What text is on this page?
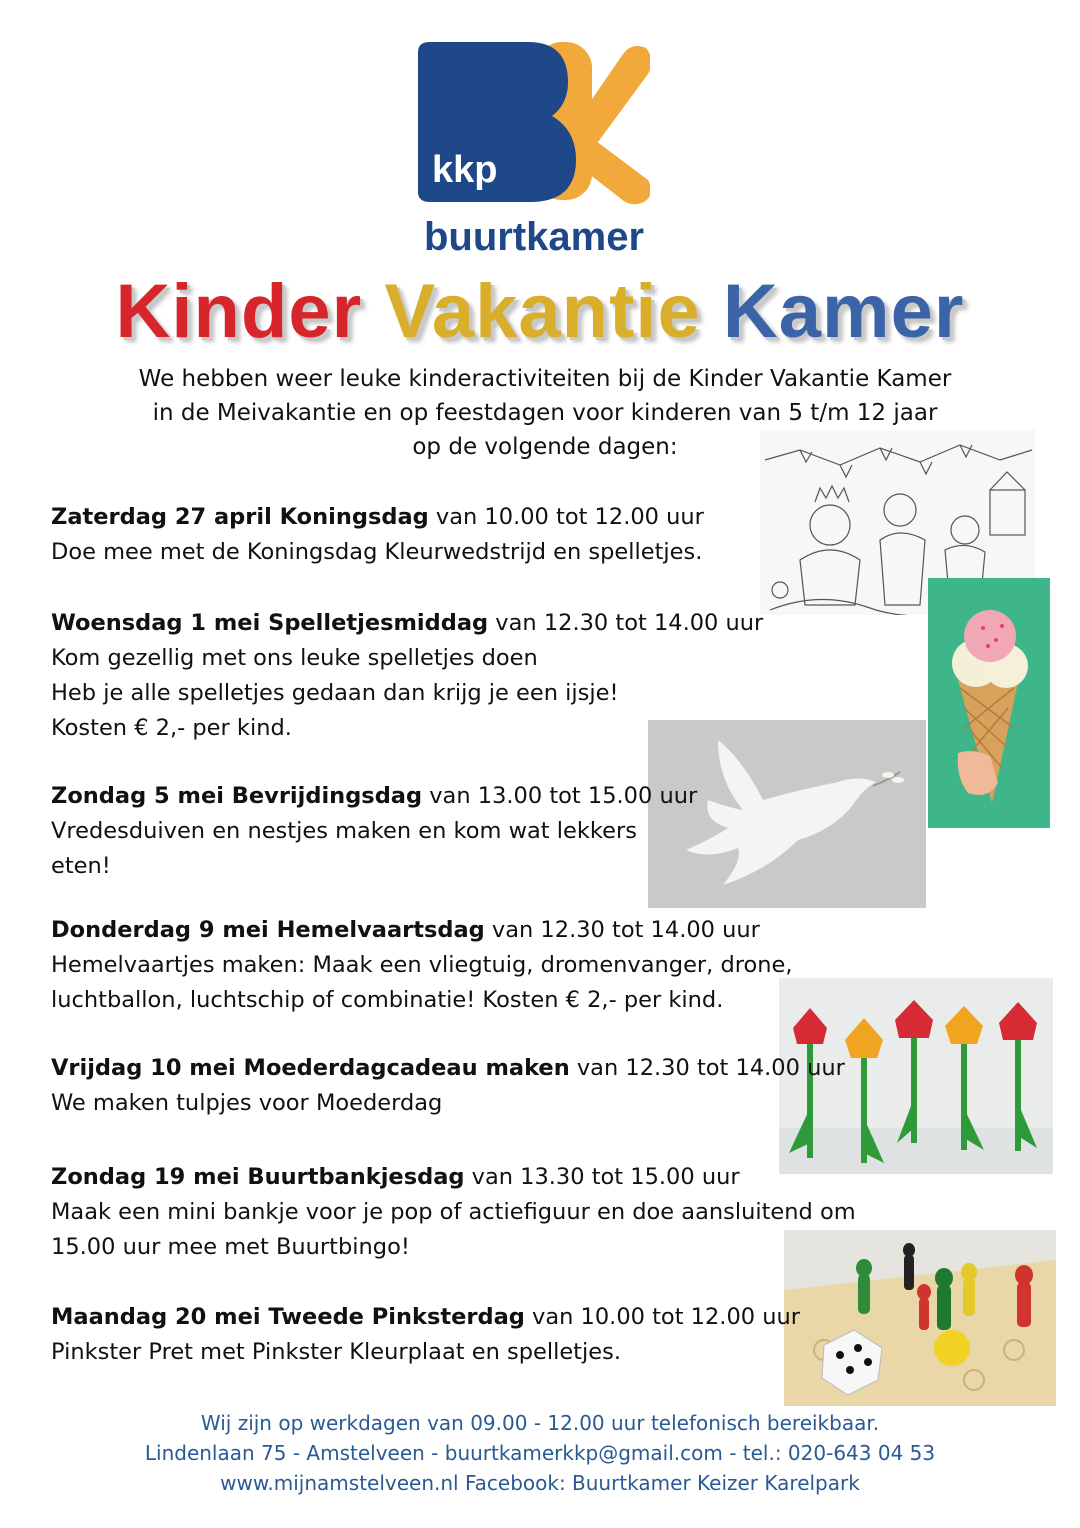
kkp
buurtkamer
Kinder Vakantie Kamer
We hebben weer leuke kinderactiviteiten bij de Kinder Vakantie Kamer
in de Meivakantie en op feestdagen voor kinderen van 5 t/m 12 jaar
op de volgende dagen:
Zaterdag 27 april Koningsdag van 10.00 tot 12.00 uur
Doe mee met de Koningsdag Kleurwedstrijd en spelletjes.
Woensdag 1 mei Spelletjesmiddag van 12.30 tot 14.00 uur
Kom gezellig met ons leuke spelletjes doen
Heb je alle spelletjes gedaan dan krijg je een ijsje!
Kosten € 2,- per kind.
Zondag 5 mei Bevrijdingsdag van 13.00 tot 15.00 uur
Vredesduiven en nestjes maken en kom wat lekkers
eten!
Donderdag 9 mei Hemelvaartsdag van 12.30 tot 14.00 uur
Hemelvaartjes maken: Maak een vliegtuig, dromenvanger, drone,
luchtballon, luchtschip of combinatie! Kosten € 2,- per kind.
Vrijdag 10 mei Moederdagcadeau maken van 12.30 tot 14.00 uur
We maken tulpjes voor Moederdag
Zondag 19 mei Buurtbankjesdag van 13.30 tot 15.00 uur
Maak een mini bankje voor je pop of actiefiguur en doe aansluitend om
15.00 uur mee met Buurtbingo!
Maandag 20 mei Tweede Pinksterdag van 10.00 tot 12.00 uur
Pinkster Pret met Pinkster Kleurplaat en spelletjes.
Wij zijn op werkdagen van 09.00 - 12.00 uur telefonisch bereikbaar.
Lindenlaan 75 - Amstelveen - buurtkamerkkp@gmail.com - tel.: 020-643 04 53
www.mijnamstelveen.nl Facebook: Buurtkamer Keizer Karelpark
